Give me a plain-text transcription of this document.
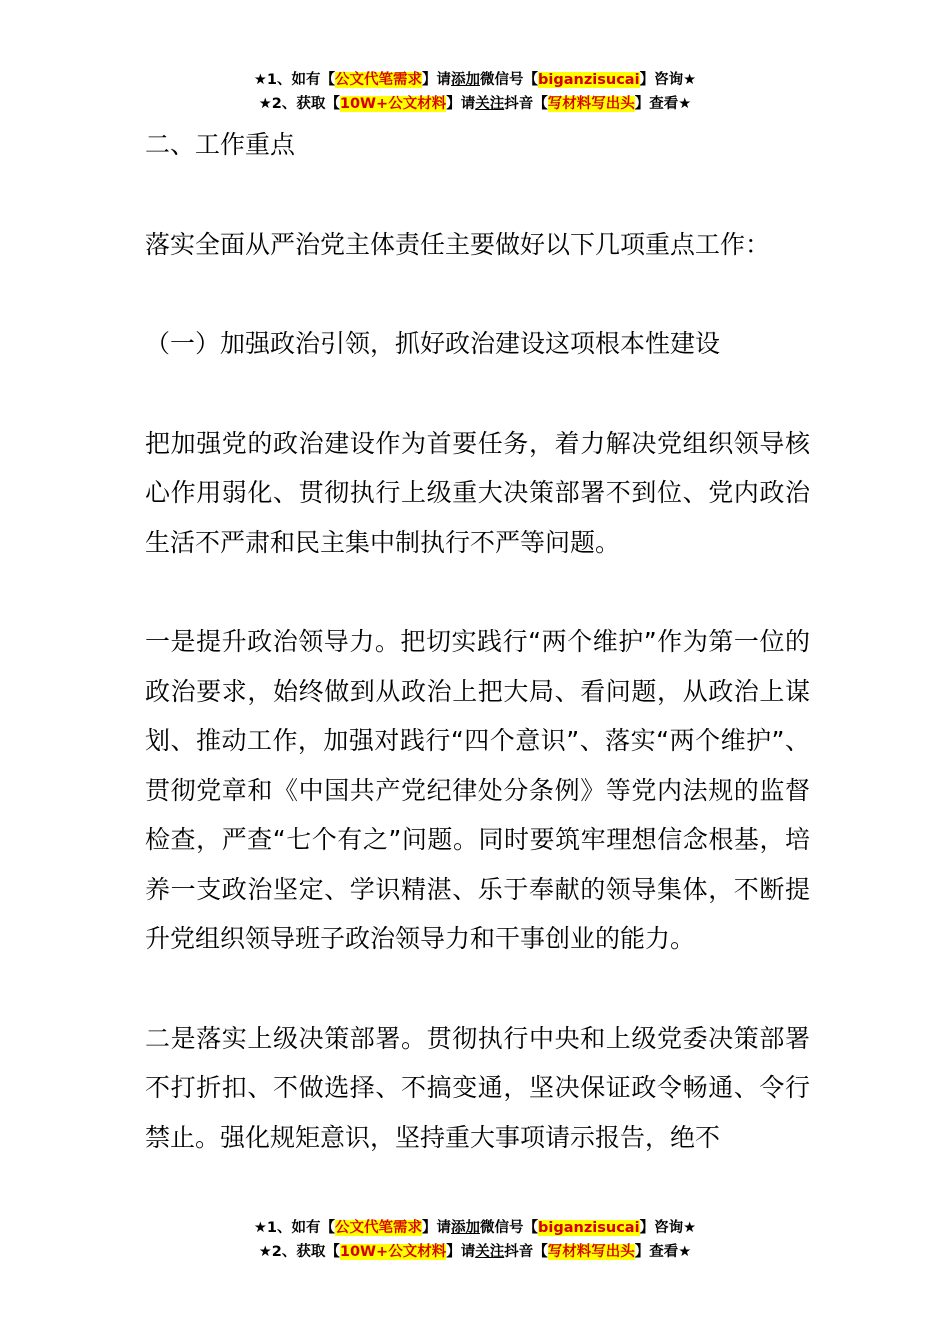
★1、如有【公文代笔需求】请添加微信号【biganzisucai】咨询★
★2、获取【10W+公文材料】请关注抖音【写材料写出头】查看★

二、工作重点

落实全面从严治党主体责任主要做好以下几项重点工作：

（一）加强政治引领，抓好政治建设这项根本性建设

把加强党的政治建设作为首要任务，着力解决党组织领导核心作用弱化、贯彻执行上级重大决策部署不到位、党内政治生活不严肃和民主集中制执行不严等问题。

一是提升政治领导力。把切实践行“两个维护”作为第一位的政治要求，始终做到从政治上把大局、看问题，从政治上谋划、推动工作，加强对践行“四个意识”、落实“两个维护”、贯彻党章和《中国共产党纪律处分条例》等党内法规的监督检查，严查“七个有之”问题。同时要筑牢理想信念根基，培养一支政治坚定、学识精湛、乐于奉献的领导集体，不断提升党组织领导班子政治领导力和干事创业的能力。

二是落实上级决策部署。贯彻执行中央和上级党委决策部署不打折扣、不做选择、不搞变通，坚决保证政令畅通、令行禁止。强化规矩意识，坚持重大事项请示报告，绝不

★1、如有【公文代笔需求】请添加微信号【biganzisucai】咨询★
★2、获取【10W+公文材料】请关注抖音【写材料写出头】查看★
